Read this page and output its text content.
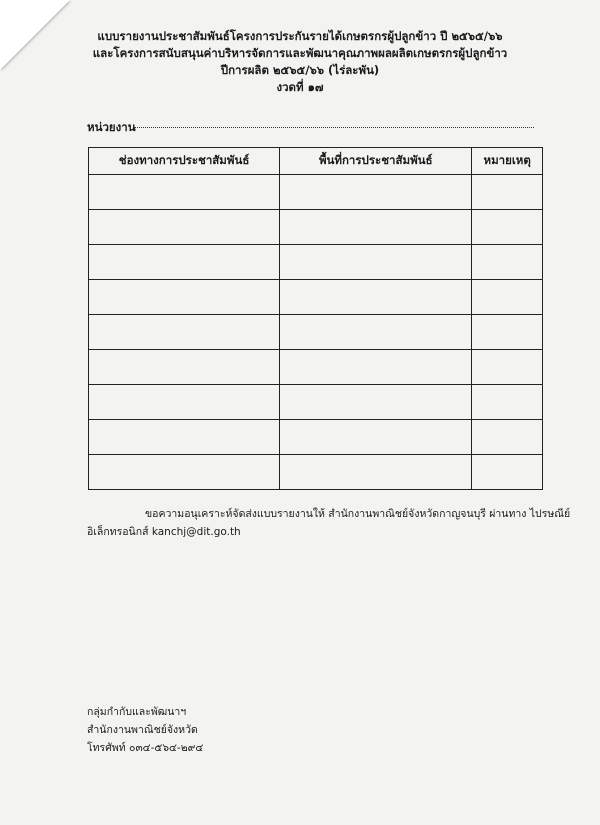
แบบรายงานประชาสัมพันธ์โครงการประกันรายได้เกษตรกรผู้ปลูกข้าว ปี ๒๕๖๕/๖๖
และโครงการสนับสนุนค่าบริหารจัดการและพัฒนาคุณภาพผลผลิตเกษตรกรผู้ปลูกข้าว
ปีการผลิต ๒๕๖๕/๖๖ (ไร่ละพัน)
งวดที่ ๑๗
หน่วยงาน
ช่องทางการประชาสัมพันธ์	พื้นที่การประชาสัมพันธ์	หมายเหตุ

ขอความอนุเคราะห์จัดส่งแบบรายงานให้ สำนักงานพาณิชย์จังหวัดกาญจนบุรี ผ่านทาง ไปรษณีย์
อิเล็กทรอนิกส์ kanchj@dit.go.th
กลุ่มกำกับและพัฒนาฯ
สำนักงานพาณิชย์จังหวัด
โทรศัพท์ ๐๓๔-๕๖๔-๒๙๔
